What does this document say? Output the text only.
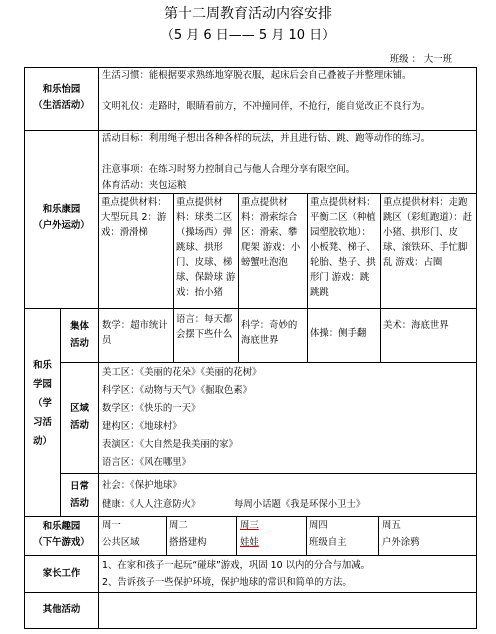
第十二周教育活动内容安排
（5 月 6 日—— 5 月 10 日）
班级 ： 大一班
和乐怡园
（生活活动）
生活习惯：能根据要求熟练地穿脱衣服，起床后会自己叠被子并整理床铺。
文明礼仪：走路时，眼睛看前方，不冲撞同伴，不抢行，能自觉改正不良行为。
和乐康园
（户外运动）
活动目标：利用绳子想出各种各样的玩法，并且进行钻、跳、跑等动作的练习。
注意事项：在练习时努力控制自己与他人合理分享有限空间。
体育活动：夹包运粮
重点提供材料：大型玩具 2：游戏：滑滑梯
重点提供材料：球类二区（操场西）弹跳球、拱形门、皮球、梯球、保龄球 游戏：抬小猪
重点提供材料：滑索综合区：滑索、攀爬架 游戏：小螃蟹吐泡泡
重点提供材料：平衡二区（种植园塑胶软地）：小板凳、梯子、轮胎、垫子、拱形门 游戏：跳跳跳
重点提供材料：走跑跳区（彩虹跑道）：赶小猪、拱形门、皮球、滚铁环、手忙脚乱 游戏：占圈
和乐
学园
（学
习活
动）
集体
活动
数学：超市统计员
语言：每天都会摆下些什么
科学：奇妙的海底世界
体操：侧手翻
美术：海底世界
区域
活动
美工区：《美丽的花朵》《美丽的花树》
科学区：《动物与天气》《掘取色素》
数学区：《快乐的一天》
建构区：《地球村》
表演区：《大自然是我美丽的家》
语言区：《风在哪里》
日常
活动
社会：《保护地球》
健康：《人人注意防火》	每周小话题《我是环保小卫士》
和乐趣园
（下午游戏）
周一
公共区域
周二
搭搭建构
周三
娃娃
周四
班级自主
周五
户外涂鸦
家长工作
1、在家和孩子一起玩“碰球”游戏，巩固 10 以内的分合与加减。
2、告诉孩子一些保护环境，保护地球的常识和简单的方法。
其他活动
